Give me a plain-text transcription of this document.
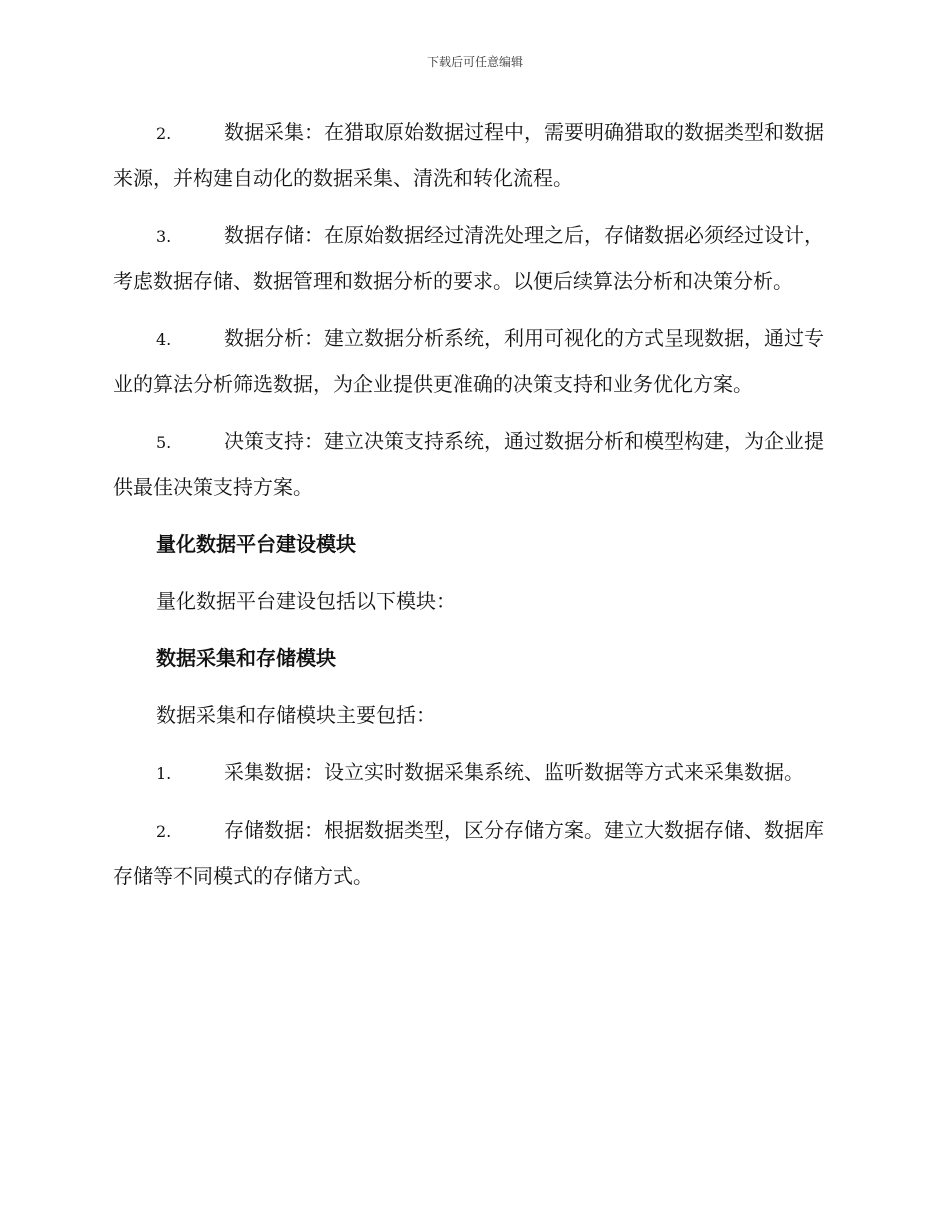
下载后可任意编辑

2.	数据采集：在猎取原始数据过程中，需要明确猎取的数据类型和数据来源，并构建自动化的数据采集、清洗和转化流程。

3.	数据存储：在原始数据经过清洗处理之后，存储数据必须经过设计，考虑数据存储、数据管理和数据分析的要求。以便后续算法分析和决策分析。

4.	数据分析：建立数据分析系统，利用可视化的方式呈现数据，通过专业的算法分析筛选数据，为企业提供更准确的决策支持和业务优化方案。

5.	决策支持：建立决策支持系统，通过数据分析和模型构建，为企业提供最佳决策支持方案。

量化数据平台建设模块

量化数据平台建设包括以下模块：

数据采集和存储模块

数据采集和存储模块主要包括：

1.	采集数据：设立实时数据采集系统、监听数据等方式来采集数据。

2.	存储数据：根据数据类型，区分存储方案。建立大数据存储、数据库存储等不同模式的存储方式。
